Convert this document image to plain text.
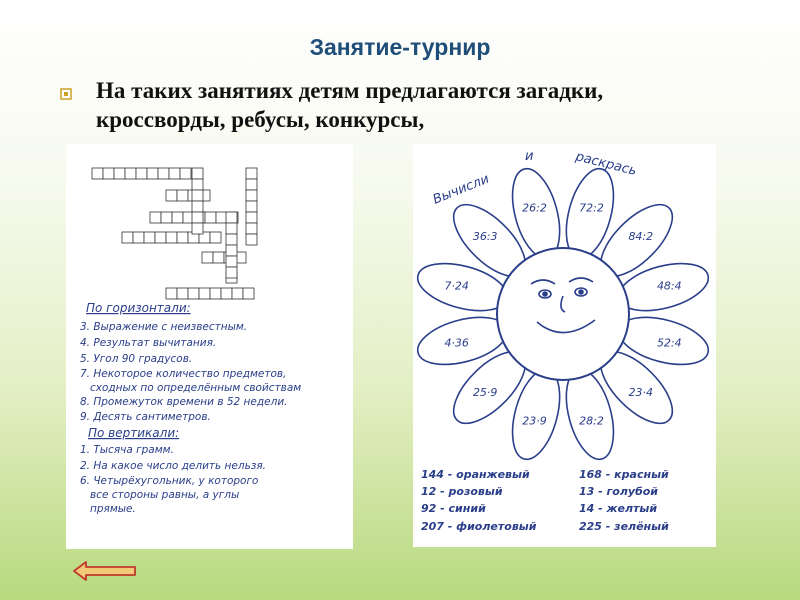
Занятие-турнир
На таких занятиях детям предлагаются загадки,
кроссворды, ребусы, конкурсы,
По горизонтали:
3. Выражение с неизвестным.
4. Результат вычитания.
5. Угол 90 градусов.
7. Некоторое количество предметов,
сходных по определённым свойствам
8. Промежуток времени в 52 недели.
9. Десять сантиметров.
По вертикали:
1. Тысяча грамм.
2. На какое число делить нельзя.
6. Четырёхугольник, у которого
все стороны равны, а углы
прямые.
Вычисли
и	раскрась
26:2	72:2
84:2
48:4
52:4
23·4
28:2
23·9
25·9
4·36
7·24
36:3
144 - оранжевый
12 - розовый
92 - синий
207 - фиолетовый
168 - красный
13 - голубой
14 - желтый
225 - зелёный
